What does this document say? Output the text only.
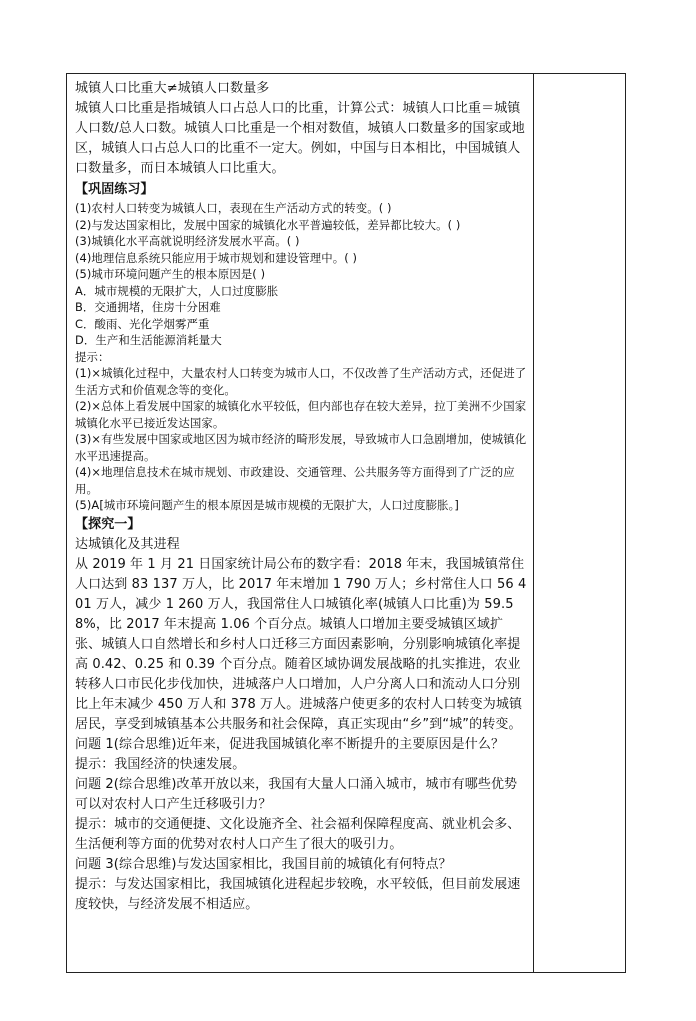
城镇人口比重大≠城镇人口数量多

城镇人口比重是指城镇人口占总人口的比重，计算公式：城镇人口比重＝城镇人口数/总人口数。城镇人口比重是一个相对数值，城镇人口数量多的国家或地区，城镇人口占总人口的比重不一定大。例如，中国与日本相比，中国城镇人口数量多，而日本城镇人口比重大。

【巩固练习】

(1)农村人口转变为城镇人口，表现在生产活动方式的转变。( )

(2)与发达国家相比，发展中国家的城镇化水平普遍较低，差异都比较大。( )

(3)城镇化水平高就说明经济发展水平高。( )

(4)地理信息系统只能应用于城市规划和建设管理中。( )

(5)城市环境问题产生的根本原因是( )

A．城市规模的无限扩大，人口过度膨胀

B．交通拥堵，住房十分困难

C．酸雨、光化学烟雾严重

D．生产和生活能源消耗量大

提示：

(1)×城镇化过程中，大量农村人口转变为城市人口，不仅改善了生产活动方式，还促进了生活方式和价值观念等的变化。

(2)×总体上看发展中国家的城镇化水平较低，但内部也存在较大差异，拉丁美洲不少国家城镇化水平已接近发达国家。

(3)×有些发展中国家或地区因为城市经济的畸形发展，导致城市人口急剧增加，使城镇化水平迅速提高。

(4)×地理信息技术在城市规划、市政建设、交通管理、公共服务等方面得到了广泛的应用。

(5)A[城市环境问题产生的根本原因是城市规模的无限扩大，人口过度膨胀。]

【探究一】

达城镇化及其进程

从 2019 年 1 月 21 日国家统计局公布的数字看：2018 年末，我国城镇常住人口达到 83 137 万人，比 2017 年末增加 1 790 万人；乡村常住人口 56 401 万人，减少 1 260 万人，我国常住人口城镇化率(城镇人口比重)为 59.58%，比 2017 年末提高 1.06 个百分点。城镇人口增加主要受城镇区域扩张、城镇人口自然增长和乡村人口迁移三方面因素影响，分别影响城镇化率提高 0.42、0.25 和 0.39 个百分点。随着区域协调发展战略的扎实推进，农业转移人口市民化步伐加快，进城落户人口增加，人户分离人口和流动人口分别比上年末减少 450 万人和 378 万人。进城落户使更多的农村人口转变为城镇居民，享受到城镇基本公共服务和社会保障，真正实现由“乡”到“城”的转变。

问题 1(综合思维)近年来，促进我国城镇化率不断提升的主要原因是什么？

提示：我国经济的快速发展。

问题 2(综合思维)改革开放以来，我国有大量人口涌入城市，城市有哪些优势可以对农村人口产生迁移吸引力？

提示：城市的交通便捷、文化设施齐全、社会福利保障程度高、就业机会多、生活便利等方面的优势对农村人口产生了很大的吸引力。

问题 3(综合思维)与发达国家相比，我国目前的城镇化有何特点？

提示：与发达国家相比，我国城镇化进程起步较晚，水平较低，但目前发展速度较快，与经济发展不相适应。
